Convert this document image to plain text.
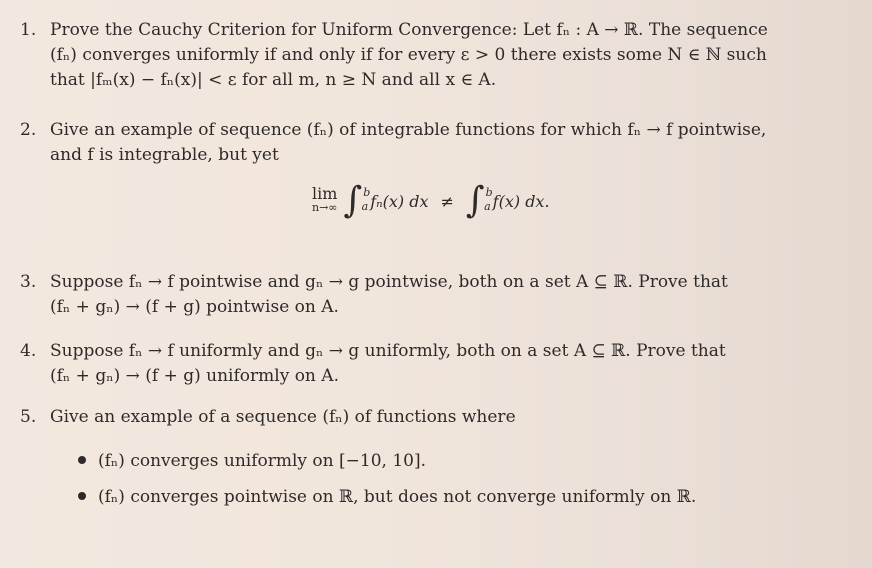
1. Prove the Cauchy Criterion for Uniform Convergence: Let fₙ : A → ℝ. The sequence
(fₙ) converges uniformly if and only if for every ε > 0 there exists some N ∈ ℕ such
that |fₘ(x) − fₙ(x)| < ε for all m, n ≥ N and all x ∈ A.
2. Give an example of sequence (fₙ) of integrable functions for which fₙ → f pointwise,
and f is integrable, but yet
lim
n→∞ ∫ b
a fₙ(x) dx ≠ ∫ b
a f(x) dx.
3. Suppose fₙ → f pointwise and gₙ → g pointwise, both on a set A ⊆ ℝ. Prove that
(fₙ + gₙ) → (f + g) pointwise on A.
4. Suppose fₙ → f uniformly and gₙ → g uniformly, both on a set A ⊆ ℝ. Prove that
(fₙ + gₙ) → (f + g) uniformly on A.
5. Give an example of a sequence (fₙ) of functions where
(fₙ) converges uniformly on [−10, 10].
(fₙ) converges pointwise on ℝ, but does not converge uniformly on ℝ.
